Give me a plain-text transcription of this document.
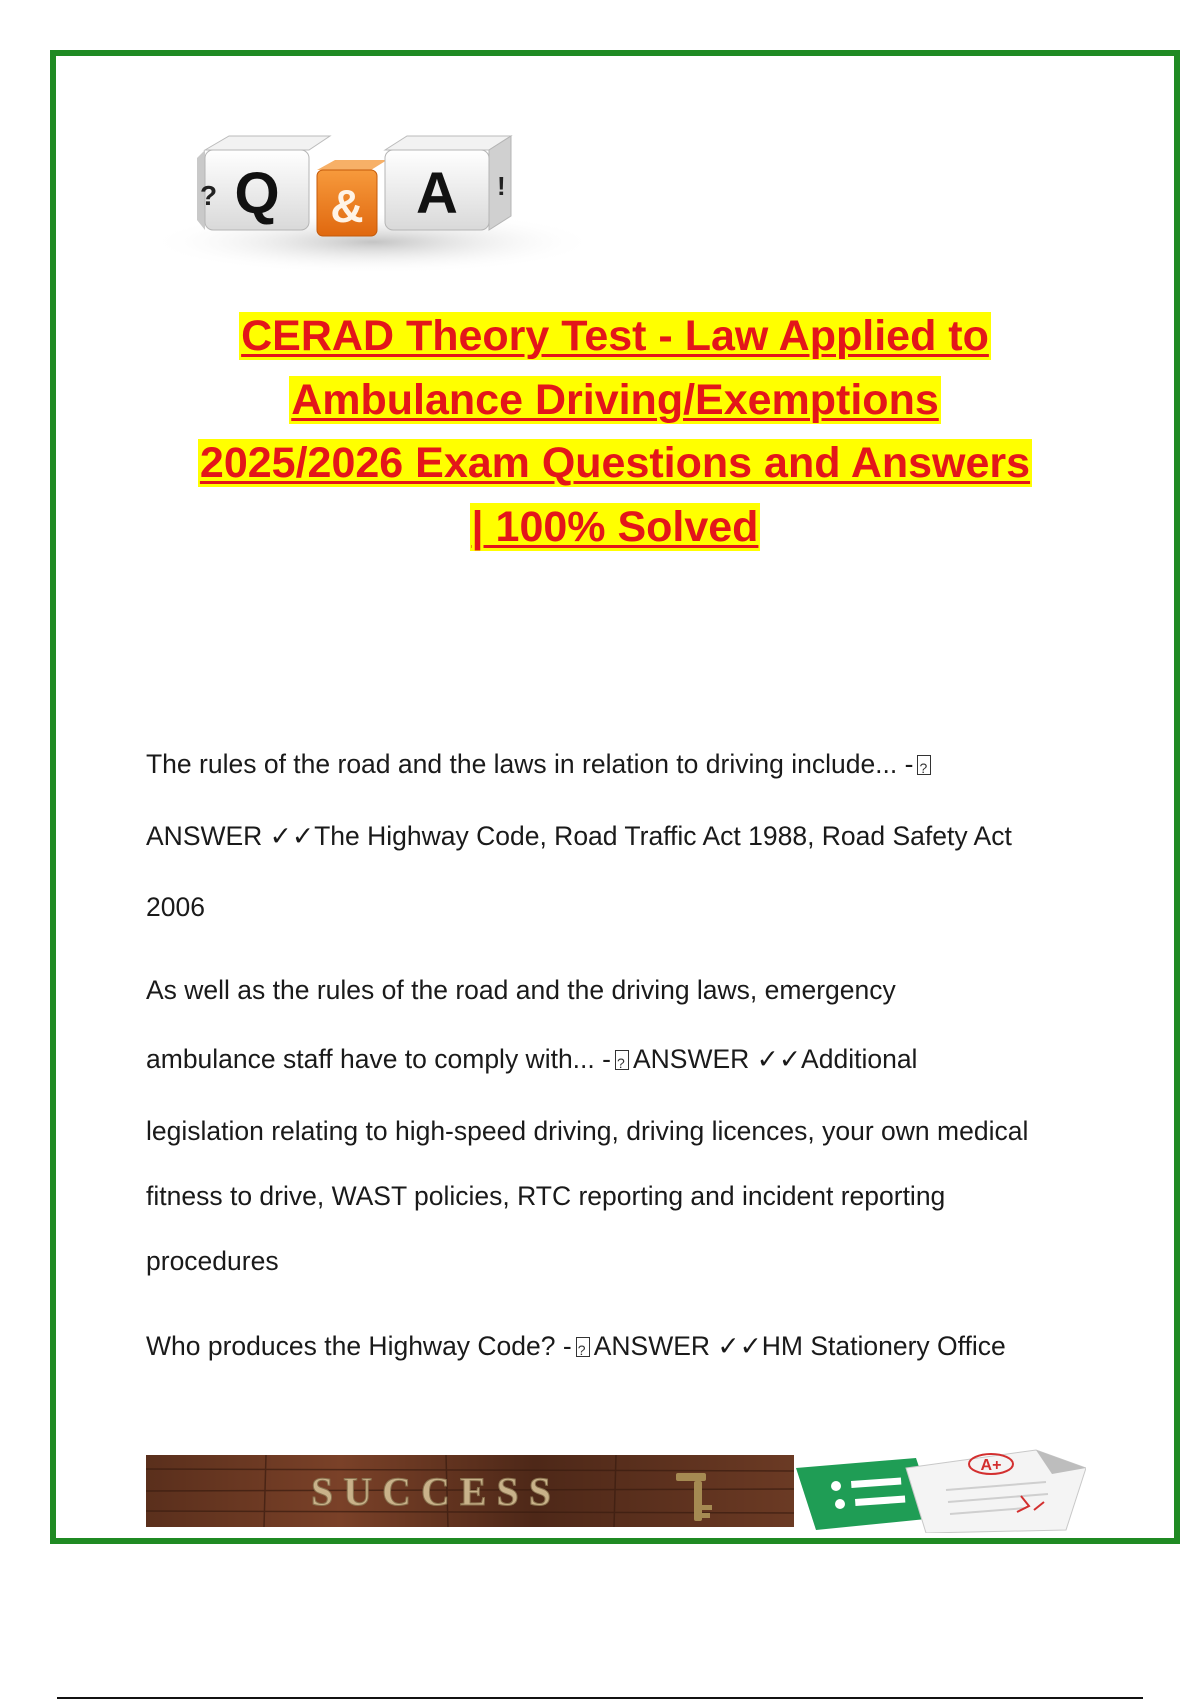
Q
? & A !
CERAD Theory Test - Law Applied to
Ambulance Driving/Exemptions
2025/2026 Exam Questions and Answers
| 100% Solved
The rules of the road and the laws in relation to driving include... -?
ANSWER ✓✓The Highway Code, Road Traffic Act 1988, Road Safety Act
2006
As well as the rules of the road and the driving laws, emergency
ambulance staff have to comply with... - ? ANSWER ✓✓Additional
legislation relating to high-speed driving, driving licences, your own medical
fitness to drive, WAST policies, RTC reporting and incident reporting
procedures
Who produces the Highway Code? - ? ANSWER ✓✓HM Stationery Office
SUCCESS
A+
